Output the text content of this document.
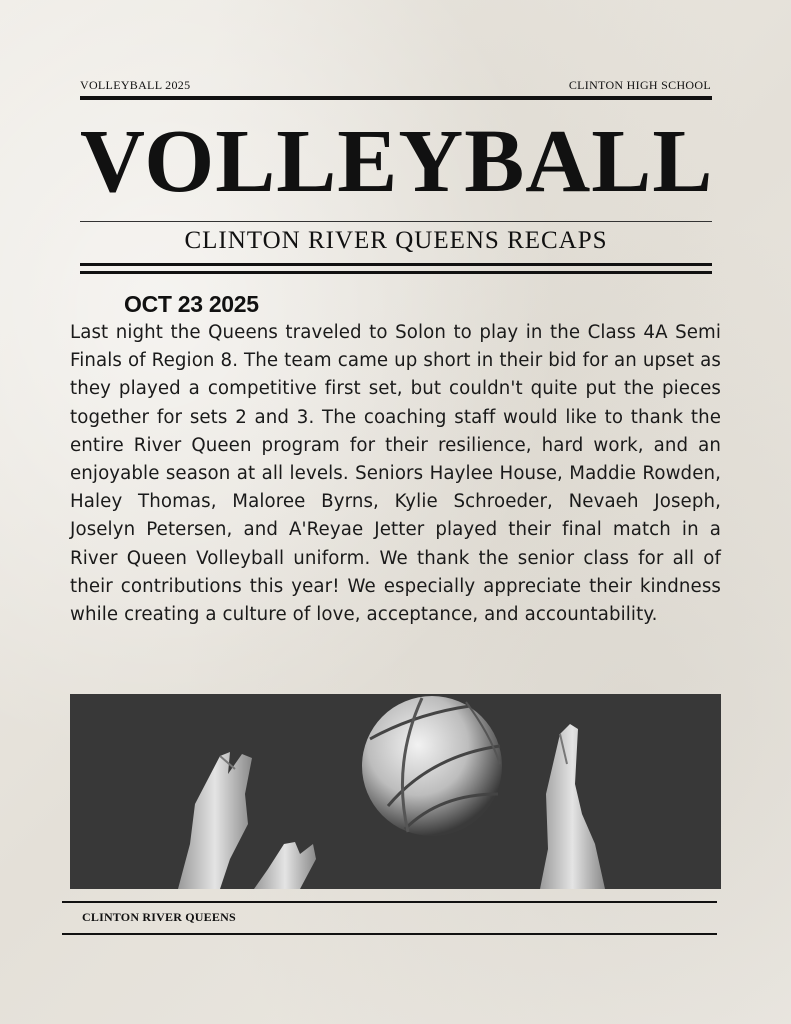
VOLLEYBALL 2025	CLINTON HIGH SCHOOL
VOLLEYBALL
CLINTON RIVER QUEENS RECAPS
OCT 23 2025
Last night the Queens traveled to Solon to play in the Class 4A Semi Finals of Region 8. The team came up short in their bid for an upset as they played a competitive first set, but couldn't quite put the pieces together for sets 2 and 3. The coaching staff would like to thank the entire River Queen program for their resilience, hard work, and an enjoyable season at all levels. Seniors Haylee House, Maddie Rowden, Haley Thomas, Maloree Byrns, Kylie Schroeder, Nevaeh Joseph, Joselyn Petersen, and A'Reyae Jetter played their final match in a River Queen Volleyball uniform. We thank the senior class for all of their contributions this year! We especially appreciate their kindness while creating a culture of love, acceptance, and accountability.
CLINTON RIVER QUEENS
